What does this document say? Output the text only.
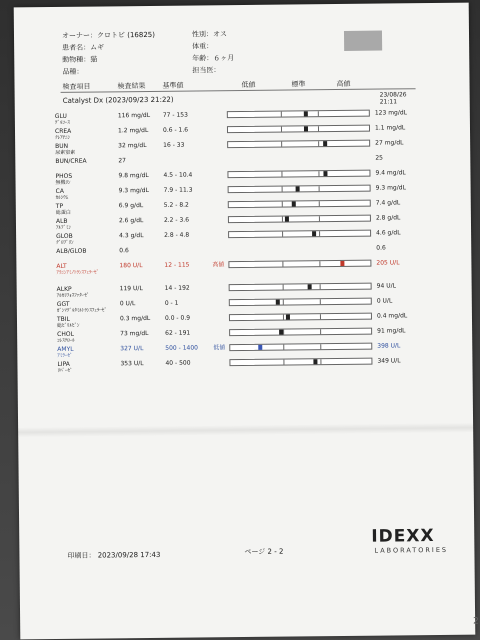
オーナー：クロトビ (16825)
患者名：ムギ
動物種：猫
品種：
性別：オス
体重：
年齢：６ヶ月
担当医：
検査項目	検査結果 基準値	低値	標準	高値
Catalyst Dx (2023/09/23 21:22)
23/08/26
21:11
GLU	116 mg/dL 77 - 153	123 mg/dL
ｸﾞﾙｺｰｽ
CREA	1.2 mg/dL 0.6 - 1.6	1.1 mg/dL
ｸﾚｱﾁﾆﾝ
BUN	32 mg/dL	16 - 33	27 mg/dL
尿素窒素
BUN/CREA	27	25
PHOS	9.8 mg/dL 4.5 - 10.4	9.4 mg/dL
無機ﾘﾝ
CA	9.3 mg/dL 7.9 - 11.3	9.3 mg/dL
ｶﾙｼｳﾑ
TP	6.9 g/dL	5.2 - 8.2	7.4 g/dL
総蛋白
ALB	2.6 g/dL	2.2 - 3.6	2.8 g/dL
ｱﾙﾌﾞﾐﾝ
GLOB	4.3 g/dL	2.8 - 4.8	4.6 g/dL
ｸﾞﾛﾌﾞﾘﾝ
ALB/GLOB	0.6	0.6
ALT	180 U/L	12 - 115	高値	205 U/L
ｱﾗﾆﾝｱﾐﾉﾄﾗﾝｽﾌｪﾗｰｾﾞ
ALKP	119 U/L	14 - 192	94 U/L
ｱﾙｶﾘﾌｫｽﾌｧﾀｰｾﾞ
GGT	0 U/L	0 - 1	0 U/L
ｶﾞﾝﾏｸﾞﾙﾀﾐﾙﾄﾗﾝｽﾌｪﾗｰｾﾞ
TBIL	0.3 mg/dL 0.0 - 0.9	0.4 mg/dL
総ﾋﾞﾘﾙﾋﾞﾝ
CHOL	73 mg/dL	62 - 191	91 mg/dL
ｺﾚｽﾃﾛｰﾙ
AMYL	327 U/L	500 - 1400	低値	398 U/L
ｱﾐﾗｰｾﾞ
LIPA	353 U/L	40 - 500	349 U/L
ﾘﾊﾟｰｾﾞ
印刷日： 2023/09/28 17:43	ページ 2 - 2
IDEXX
LABORATORIES
2
